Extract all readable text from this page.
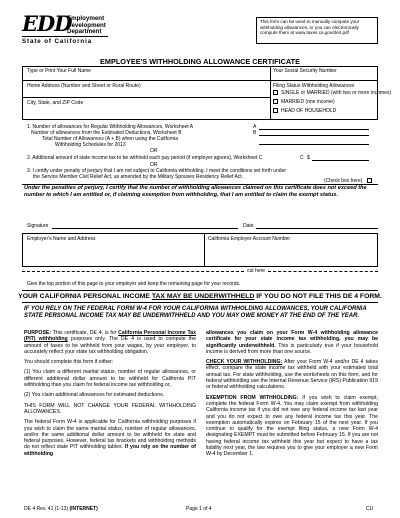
EDD
Employment
Development
Department
State of California
This form can be used to manually compute your withholding allowances, or you can electronically compute them at www.taxes.ca.gov/de4.pdf
EMPLOYEE'S WITHHOLDING ALLOWANCE CERTIFICATE
Type or Print Your Full Name	Your Social Security Number
Home Address (Number and Street or Rural Route)
City, State, and ZIP Code
Filing Status Withholding Allowances
SINGLE or MARRIED (with two or more incomes)
MARRIED (one income)
HEAD OF HOUSEHOLD
1. Number of allowances for Regular Withholding Allowances, Worksheet A
Number of allowances from the Estimated Deductions, Worksheet B
Total Number of Allowances (A + B) when using the California
Withholding Schedules for 2013
A
B
OR
2. Additional amount of state income tax to be withheld each pay period (if employer agrees), Worksheet C	C $
OR
3. I certify under penalty of perjury that I am not subject to California withholding. I meet the conditions set forth under
the Service Member Civil Relief Act, as amended by the Military Spouses Residency Relief Act.
(Check box here)
Under the penalties of perjury, I certify that the number of withholding allowances claimed on this certificate does not exceed the number to which I am entitled or, if claiming exemption from withholding, that I am entitled to claim the exempt status.
Signature	Date
Employer's Name and Address	California Employer Account Number
cut here
Give the top portion of this page to your employer and keep the remaining page for your records.
YOUR CALIFORNIA PERSONAL INCOME TAX MAY BE UNDERWITHHELD IF YOU DO NOT FILE THIS DE 4 FORM.
IF YOU RELY ON THE FEDERAL FORM W-4 FOR YOUR CALIFORNIA WITHHOLDING ALLOWANCES, YOUR CALIFORNIA STATE PERSONAL INCOME TAX MAY BE UNDERWITHHELD AND YOU MAY OWE MONEY AT THE END OF THE YEAR.

PURPOSE: This certificate, DE 4, is for California Personal Income Tax (PIT) withholding purposes only. The DE 4 is used to compute the amount of taxes to be withheld from your wages, by your employer, to accurately reflect your state tax withholding obligation.

You should complete this form if either:

(1) You claim a different marital status, number of regular allowances, or different additional dollar amount to be withheld for California PIT withholding than you claim for federal income tax withholding or,

(2) You claim additional allowances for estimated deductions.

THIS FORM WILL NOT CHANGE YOUR FEDERAL WITHHOLDING ALLOWANCES.

The federal Form W-4 is applicable for California withholding purposes if you wish to claim the same marital status, number of regular allowances, and/or the same additional dollar amount to be withheld for state and federal purposes. However, federal tax brackets and withholding methods do not reflect state PIT withholding tables. If you rely on the number of withholding

allowances you claim on your Form W-4 withholding allowance certificate for your state income tax withholding, you may be significantly underwithheld. This is particularly true if your household income is derived from more than one source.

CHECK YOUR WITHHOLDING: After your Form W-4 and/or DE 4 takes effect, compare the state income tax withheld with your estimated total annual tax. For state withholding, use the worksheets on this form, and for federal withholding use the Internal Revenue Service (IRS) Publication 919 or federal withholding calculations.

EXEMPTION FROM WITHHOLDING: If you wish to claim exempt, complete the federal Form W-4. You may claim exempt from withholding California income tax if you did not owe any federal income tax last year and you do not expect to owe any federal income tax this year. The exemption automatically expires on February 15 of the next year. If you continue to qualify for the exempt filing status, a new Form W-4 designating EXEMPT must be submitted before February 15. If you are not having federal income tax withheld this year but expect to have a tax liability next year, the law requires you to give your employer a new Form W-4 by December 1.

DE 4 Rev. 41 (1-13) (INTERNET)	Page 1 of 4	CU
